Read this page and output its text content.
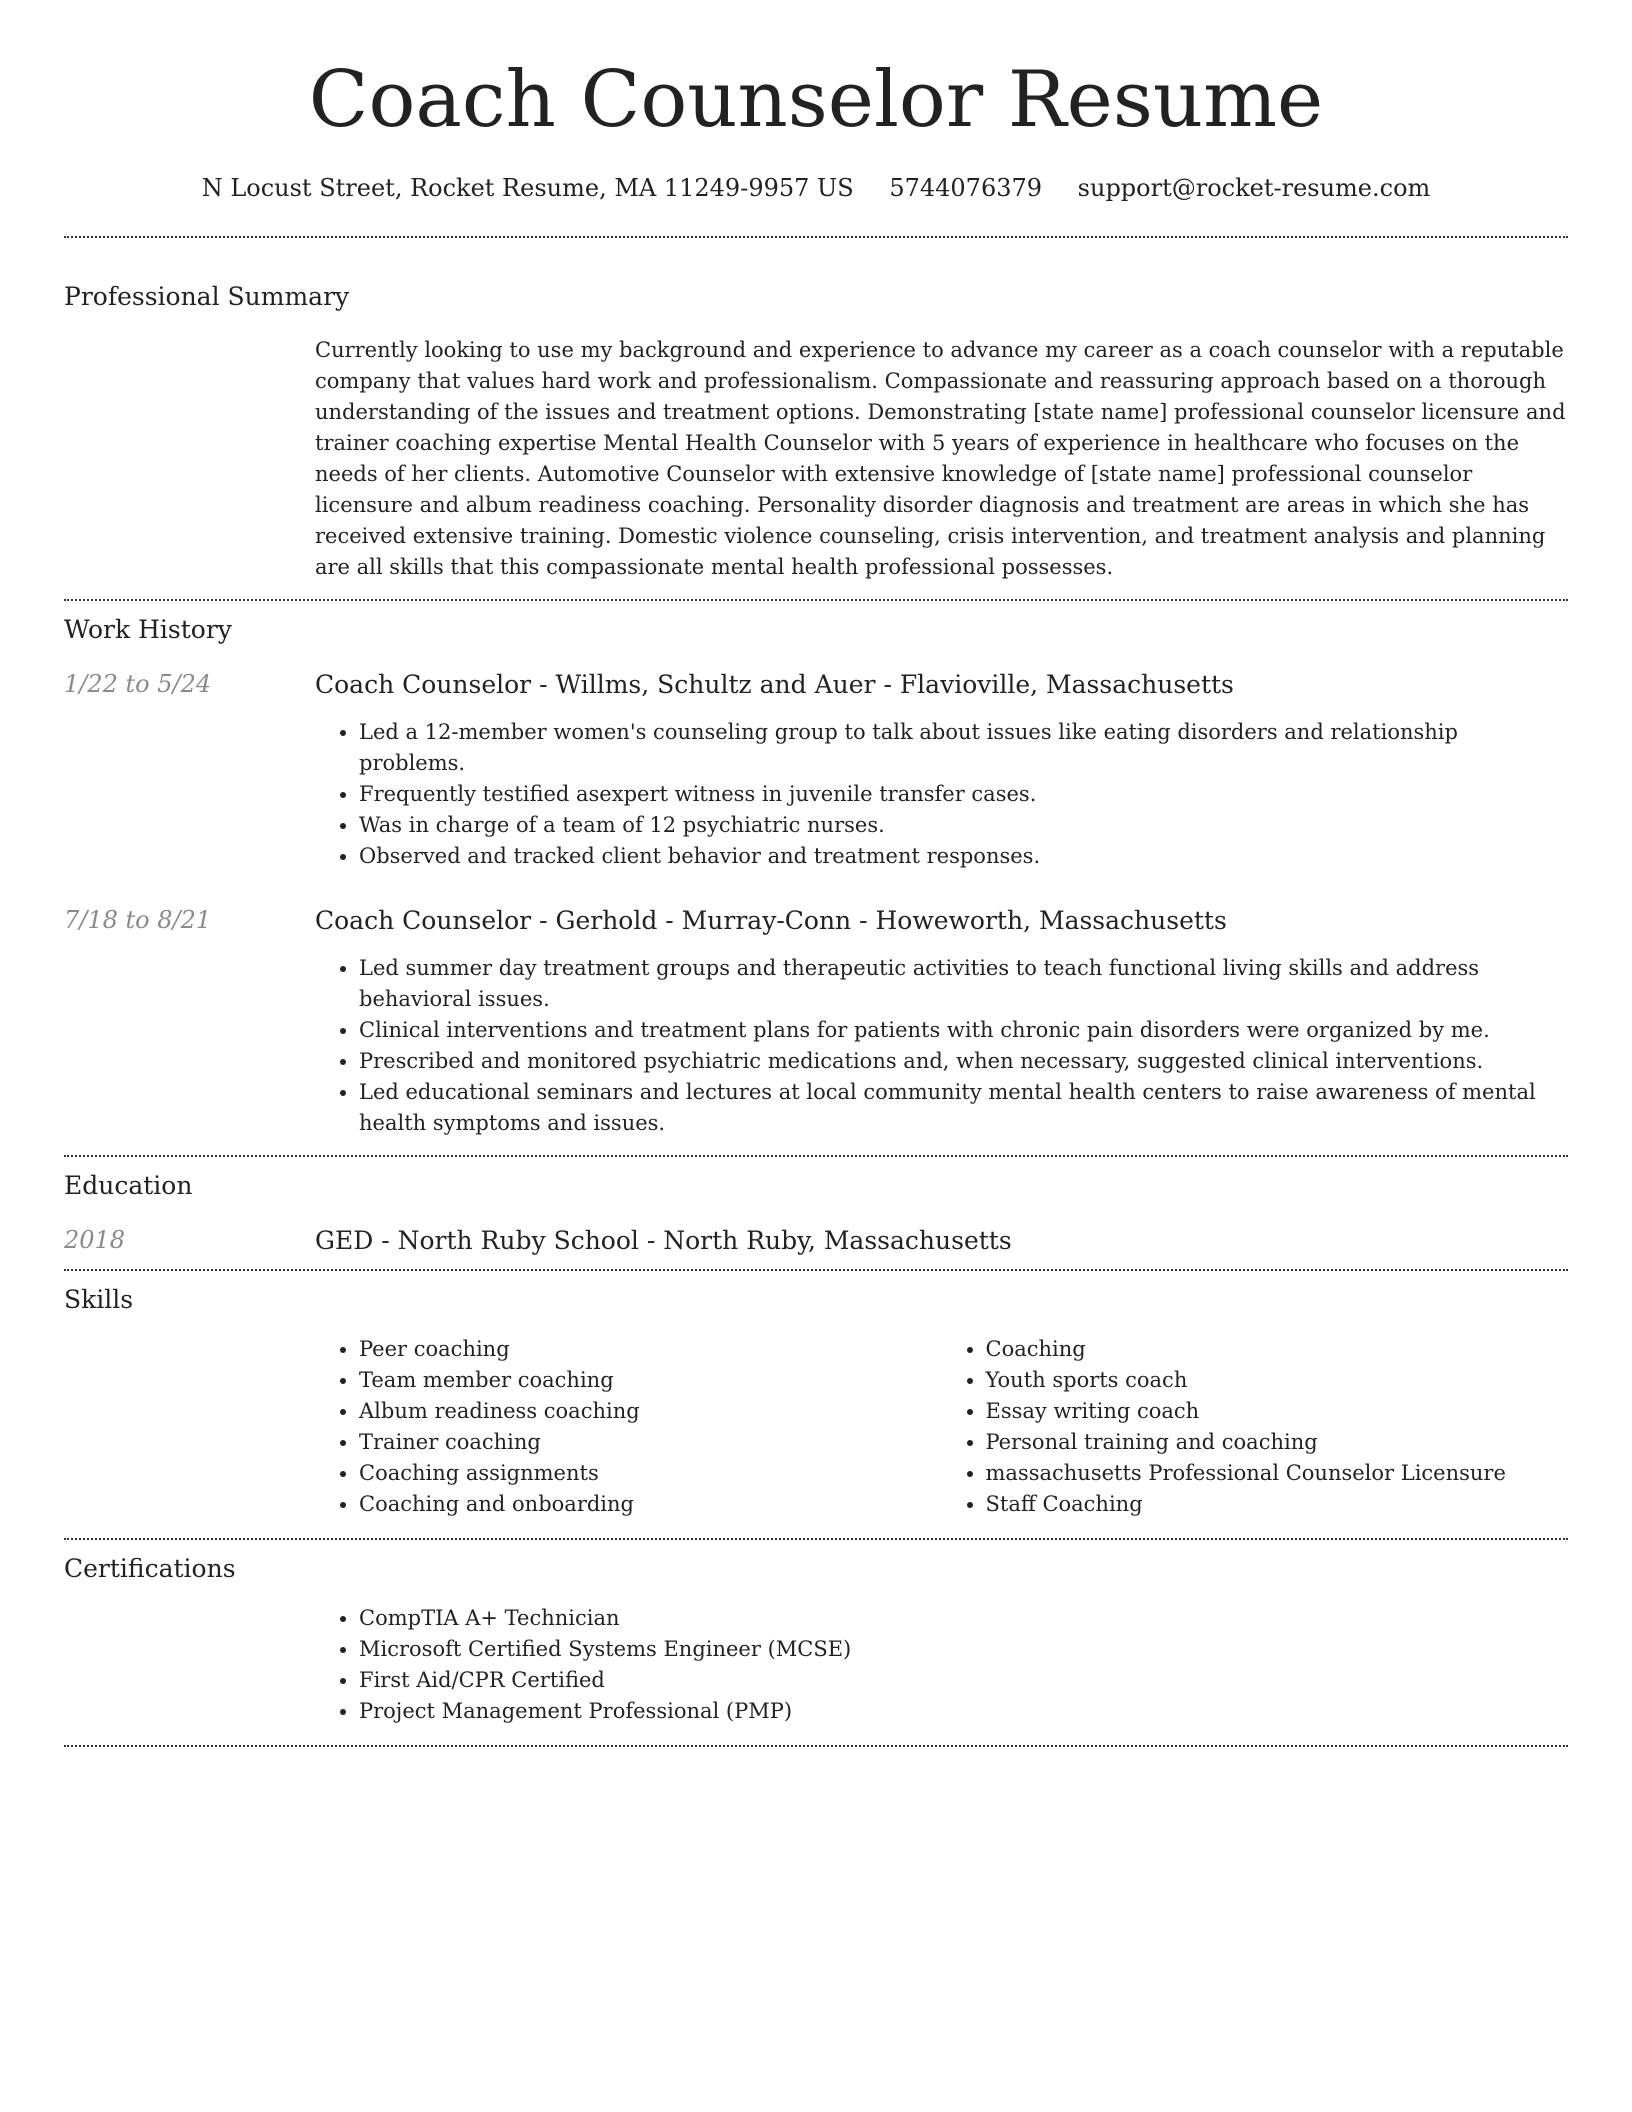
Coach Counselor Resume
N Locust Street, Rocket Resume, MA 11249-9957 US 5744076379 support@rocket-resume.com
Professional Summary

Currently looking to use my background and experience to advance my career as a coach counselor with a reputable company that values hard work and professionalism. Compassionate and reassuring approach based on a thorough understanding of the issues and treatment options. Demonstrating [state name] professional counselor licensure and trainer coaching expertise Mental Health Counselor with 5 years of experience in healthcare who focuses on the needs of her clients. Automotive Counselor with extensive knowledge of [state name] professional counselor licensure and album readiness coaching. Personality disorder diagnosis and treatment are areas in which she has received extensive training. Domestic violence counseling, crisis intervention, and treatment analysis and planning are all skills that this compassionate mental health professional possesses.

Work History
1/22 to 5/24	Coach Counselor - Willms, Schultz and Auer - Flavioville, Massachusetts
• Led a 12-member women's counseling group to talk about issues like eating disorders and relationship problems.
• Frequently testified asexpert witness in juvenile transfer cases.
• Was in charge of a team of 12 psychiatric nurses.
• Observed and tracked client behavior and treatment responses.
7/18 to 8/21	Coach Counselor - Gerhold - Murray-Conn - Howeworth, Massachusetts
• Led summer day treatment groups and therapeutic activities to teach functional living skills and address behavioral issues.
• Clinical interventions and treatment plans for patients with chronic pain disorders were organized by me.
• Prescribed and monitored psychiatric medications and, when necessary, suggested clinical interventions.
• Led educational seminars and lectures at local community mental health centers to raise awareness of mental health symptoms and issues.
Education
2018	GED - North Ruby School - North Ruby, Massachusetts
Skills
• Peer coaching
• Team member coaching
• Album readiness coaching
• Trainer coaching
• Coaching assignments
• Coaching and onboarding
• Coaching
• Youth sports coach
• Essay writing coach
• Personal training and coaching
• massachusetts Professional Counselor Licensure
• Staff Coaching
Certifications
• CompTIA A+ Technician
• Microsoft Certified Systems Engineer (MCSE)
• First Aid/CPR Certified
• Project Management Professional (PMP)
